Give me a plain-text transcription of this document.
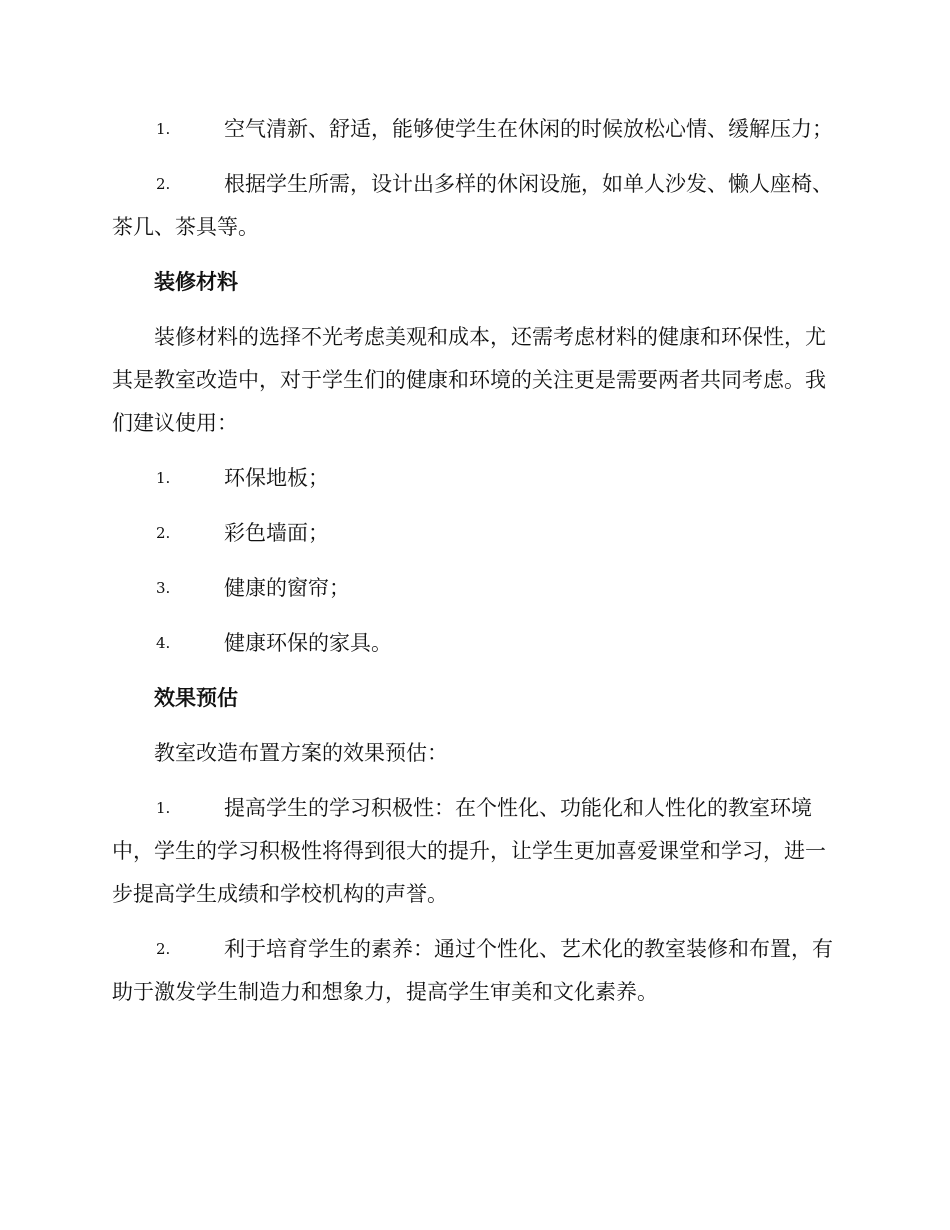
1.	空气清新、舒适，能够使学生在休闲的时候放松心情、缓解压力；

2.	根据学生所需，设计出多样的休闲设施，如单人沙发、懒人座椅、茶几、茶具等。

装修材料

装修材料的选择不光考虑美观和成本，还需考虑材料的健康和环保性，尤其是教室改造中，对于学生们的健康和环境的关注更是需要两者共同考虑。我们建议使用：

1.	环保地板；

2.	彩色墙面；

3.	健康的窗帘；

4.	健康环保的家具。

效果预估

教室改造布置方案的效果预估：

1.	提高学生的学习积极性：在个性化、功能化和人性化的教室环境中，学生的学习积极性将得到很大的提升，让学生更加喜爱课堂和学习，进一步提高学生成绩和学校机构的声誉。

2.	利于培育学生的素养：通过个性化、艺术化的教室装修和布置，有助于激发学生制造力和想象力，提高学生审美和文化素养。
